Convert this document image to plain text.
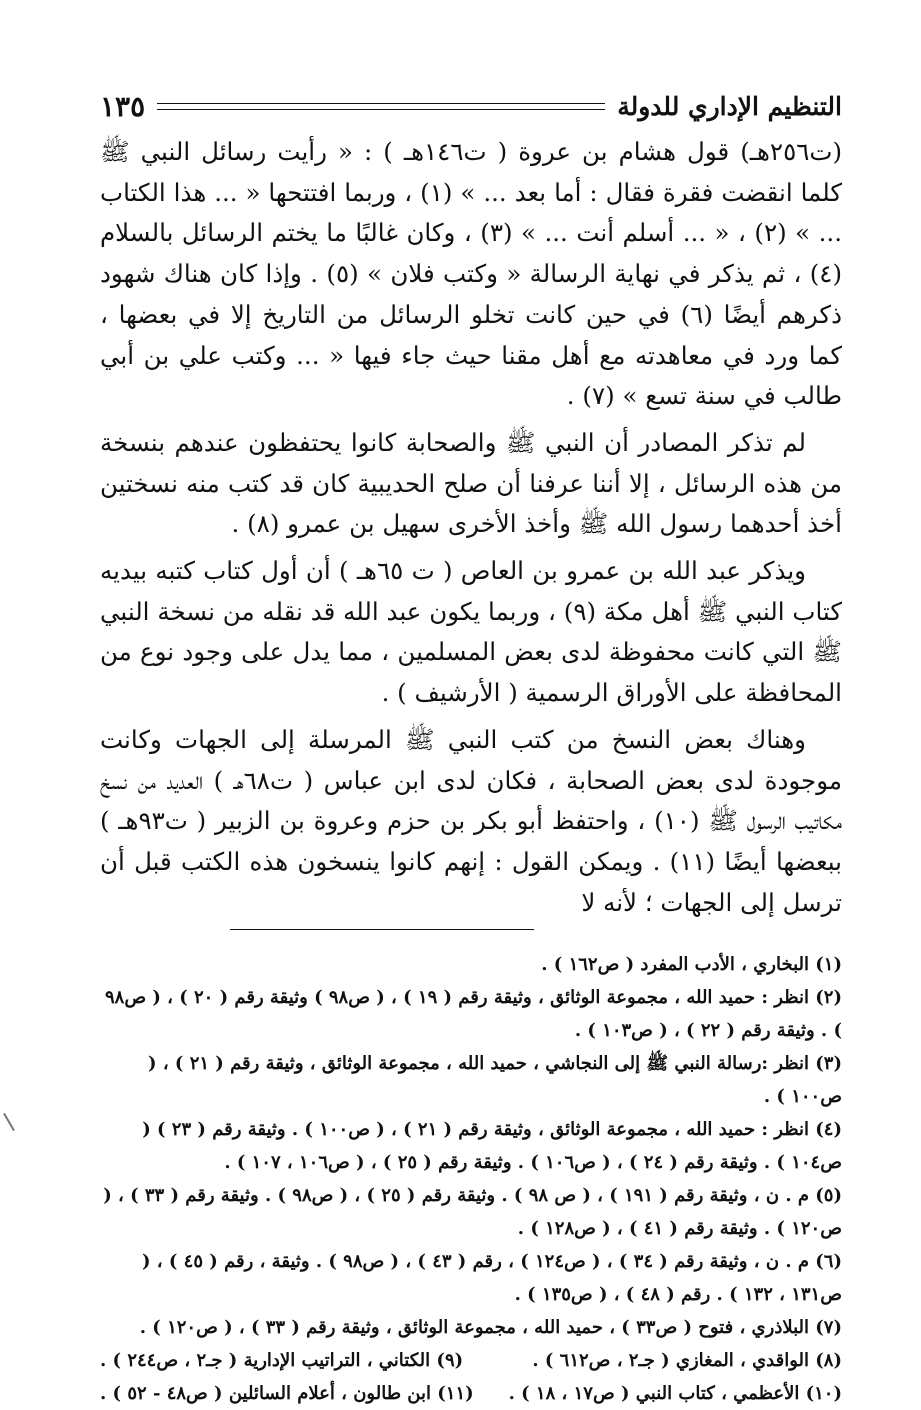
التنظيم الإداري للدولة
١٣٥

(ت٢٥٦هـ) قول هشام بن عروة ( ت١٤٦هـ ) : « رأيت رسائل النبي ﷺ كلما انقضت فقرة فقال : أما بعد ... » (١) ، وربما افتتحها « ... هذا الكتاب ... » (٢) ، « ... أسلم أنت ... » (٣) ، وكان غالبًا ما يختم الرسائل بالسلام (٤) ، ثم يذكر في نهاية الرسالة « وكتب فلان » (٥) . وإذا كان هناك شهود ذكرهم أيضًا (٦) في حين كانت تخلو الرسائل من التاريخ إلا في بعضها ، كما ورد في معاهدته مع أهل مقنا حيث جاء فيها « ... وكتب علي بن أبي طالب في سنة تسع » (٧) .

لم تذكر المصادر أن النبي ﷺ والصحابة كانوا يحتفظون عندهم بنسخة من هذه الرسائل ، إلا أننا عرفنا أن صلح الحديبية كان قد كتب منه نسختين أخذ أحدهما رسول الله ﷺ وأخذ الأخرى سهيل بن عمرو (٨) .

ويذكر عبد الله بن عمرو بن العاص ( ت ٦٥هـ ) أن أول كتاب كتبه بيديه كتاب النبي ﷺ أهل مكة (٩) ، وربما يكون عبد الله قد نقله من نسخة النبي ﷺ التي كانت محفوظة لدى بعض المسلمين ، مما يدل على وجود نوع من المحافظة على الأوراق الرسمية ( الأرشيف ) .

وهناك بعض النسخ من كتب النبي ﷺ المرسلة إلى الجهات وكانت موجودة لدى بعض الصحابة ، فكان لدى ابن عباس ( ت٦٨هـ ) العديد من نسخ مكاتيب الرسول ﷺ (١٠) ، واحتفظ أبو بكر بن حزم وعروة بن الزبير ( ت٩٣هـ ) ببعضها أيضًا (١١) . ويمكن القول : إنهم كانوا ينسخون هذه الكتب قبل أن ترسل إلى الجهات ؛ لأنه لا

(١) البخاري ، الأدب المفرد ( ص١٦٢ ) .
(٢) انظر : حميد الله ، مجموعة الوثائق ، وثيقة رقم ( ١٩ ) ، ( ص٩٨ ) وثيقة رقم ( ٢٠ ) ، ( ص٩٨ ) . وثيقة رقم ( ٢٢ ) ، ( ص١٠٣ ) .
(٣) انظر :رسالة النبي ﷺ إلى النجاشي ، حميد الله ، مجموعة الوثائق ، وثيقة رقم ( ٢١ ) ، ( ص١٠٠ ) .
(٤) انظر : حميد الله ، مجموعة الوثائق ، وثيقة رقم ( ٢١ ) ، ( ص١٠٠ ) . وثيقة رقم ( ٢٣ ) ( ص١٠٤ ) . وثيقة رقم ( ٢٤ ) ، ( ص١٠٦ ) . وثيقة رقم ( ٢٥ ) ، ( ص١٠٦ ، ١٠٧ ) .
(٥) م . ن ، وثيقة رقم ( ١٩١ ) ، ( ص ٩٨ ) . وثيقة رقم ( ٢٥ ) ، ( ص٩٨ ) . وثيقة رقم ( ٣٣ ) ، ( ص١٢٠ ) . وثيقة رقم ( ٤١ ) ، ( ص١٢٨ ) .
(٦) م . ن ، وثيقة رقم ( ٣٤ ) ، ( ص١٢٤ ) ، رقم ( ٤٣ ) ، ( ص٩٨ ) . وثيقة ، رقم ( ٤٥ ) ، ( ص١٣١ ، ١٣٢ ) . رقم ( ٤٨ ) ، ( ص١٣٥ ) .
(٧) البلاذري ، فتوح ( ص٣٣ ) ، حميد الله ، مجموعة الوثائق ، وثيقة رقم ( ٣٣ ) ، ( ص١٢٠ ) .
(٨) الواقدي ، المغازي ( جـ٢ ، ص٦١٢ ) .
(٩) الكتاني ، التراتيب الإدارية ( جـ٢ ، ص٢٤٤ ) .
(١٠) الأعظمي ، كتاب النبي ( ص١٧ ، ١٨ ) .
(١١) ابن طالون ، أعلام السائلين ( ص٤٨ - ٥٢ ) .
